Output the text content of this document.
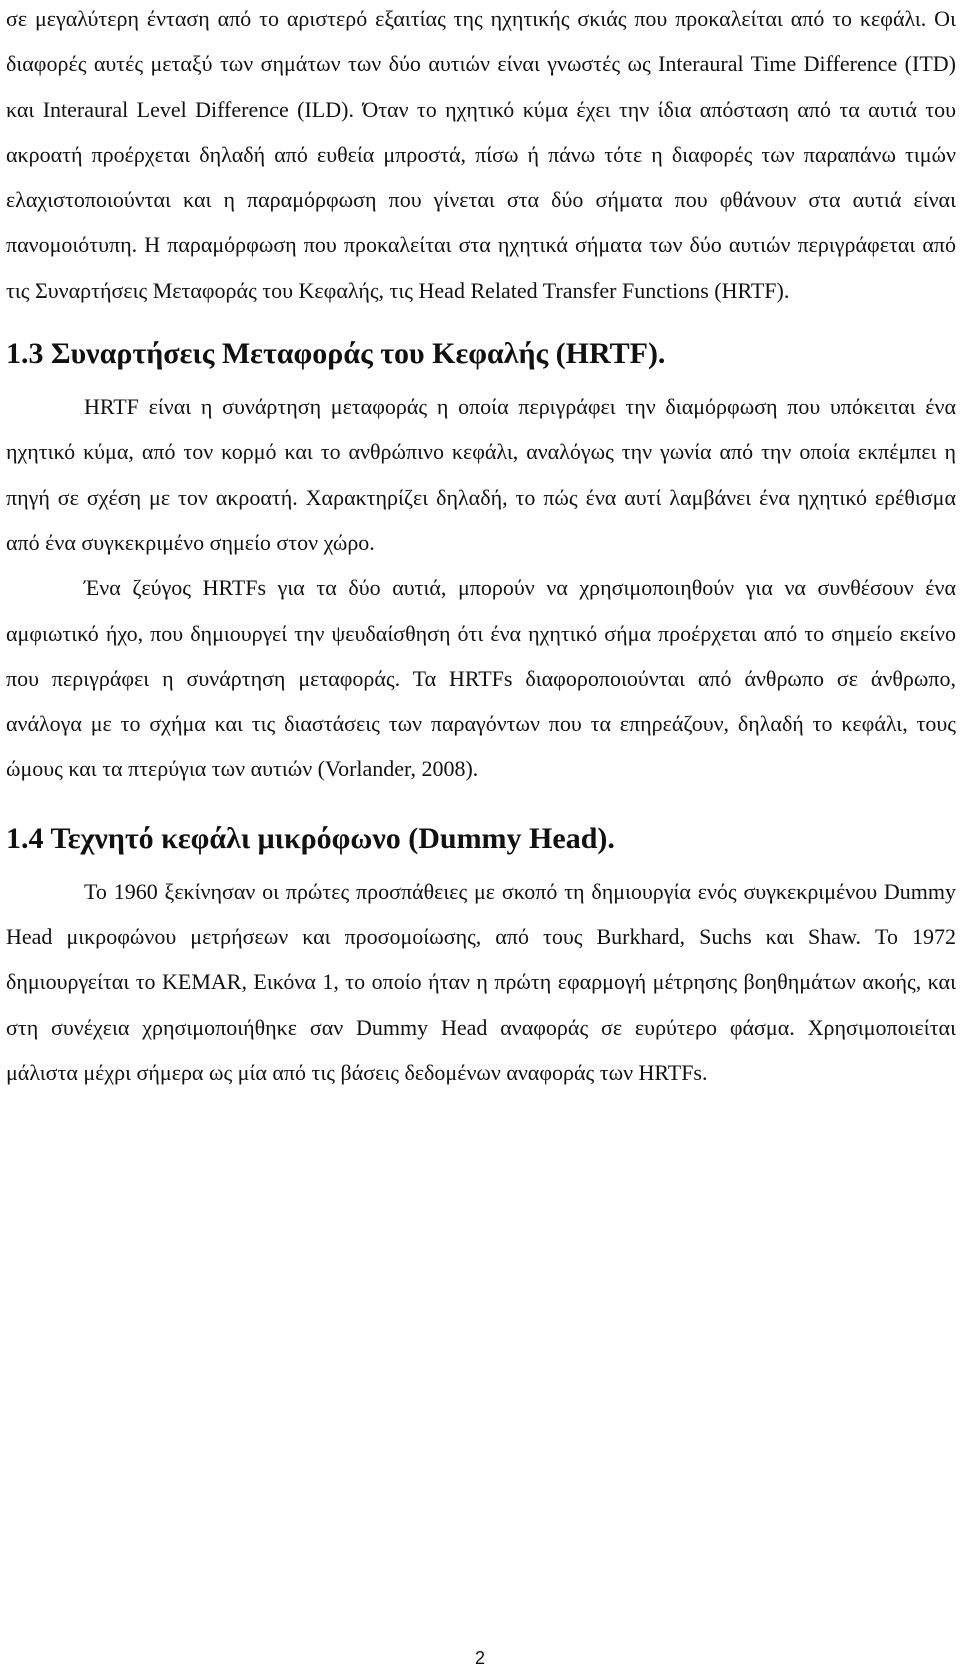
σε μεγαλύτερη ένταση από το αριστερό εξαιτίας της ηχητικής σκιάς που προκαλείται από το κεφάλι. Οι διαφορές αυτές μεταξύ των σημάτων των δύο αυτιών είναι γνωστές ως Interaural Time Difference (ITD) και Interaural Level Difference (ILD). Όταν το ηχητικό κύμα έχει την ίδια απόσταση από τα αυτιά του ακροατή προέρχεται δηλαδή από ευθεία μπροστά, πίσω ή πάνω τότε η διαφορές των παραπάνω τιμών ελαχιστοποιούνται και η παραμόρφωση που γίνεται στα δύο σήματα που φθάνουν στα αυτιά είναι πανομοιότυπη. Η παραμόρφωση που προκαλείται στα ηχητικά σήματα των δύο αυτιών περιγράφεται από τις Συναρτήσεις Μεταφοράς του Κεφαλής, τις Head Related Transfer Functions (HRTF).

1.3 Συναρτήσεις Μεταφοράς του Κεφαλής (HRTF).

HRTF είναι η συνάρτηση μεταφοράς η οποία περιγράφει την διαμόρφωση που υπόκειται ένα ηχητικό κύμα, από τον κορμό και το ανθρώπινο κεφάλι, αναλόγως την γωνία από την οποία εκπέμπει η πηγή σε σχέση με τον ακροατή. Χαρακτηρίζει δηλαδή, το πώς ένα αυτί λαμβάνει ένα ηχητικό ερέθισμα από ένα συγκεκριμένο σημείο στον χώρο.

Ένα ζεύγος HRTFs για τα δύο αυτιά, μπορούν να χρησιμοποιηθούν για να συνθέσουν ένα αμφιωτικό ήχο, που δημιουργεί την ψευδαίσθηση ότι ένα ηχητικό σήμα προέρχεται από το σημείο εκείνο που περιγράφει η συνάρτηση μεταφοράς. Τα HRTFs διαφοροποιούνται από άνθρωπο σε άνθρωπο, ανάλογα με το σχήμα και τις διαστάσεις των παραγόντων που τα επηρεάζουν, δηλαδή το κεφάλι, τους ώμους και τα πτερύγια των αυτιών (Vorlander, 2008).

1.4 Τεχνητό κεφάλι μικρόφωνο (Dummy Head).

Το 1960 ξεκίνησαν οι πρώτες προσπάθειες με σκοπό τη δημιουργία ενός συγκεκριμένου Dummy Head μικροφώνου μετρήσεων και προσομοίωσης, από τους Burkhard, Suchs και Shaw. Το 1972 δημιουργείται το KEMAR, Εικόνα 1, το οποίο ήταν η πρώτη εφαρμογή μέτρησης βοηθημάτων ακοής, και στη συνέχεια χρησιμοποιήθηκε σαν Dummy Head αναφοράς σε ευρύτερο φάσμα. Χρησιμοποιείται μάλιστα μέχρι σήμερα ως μία από τις βάσεις δεδομένων αναφοράς των HRTFs.

2
